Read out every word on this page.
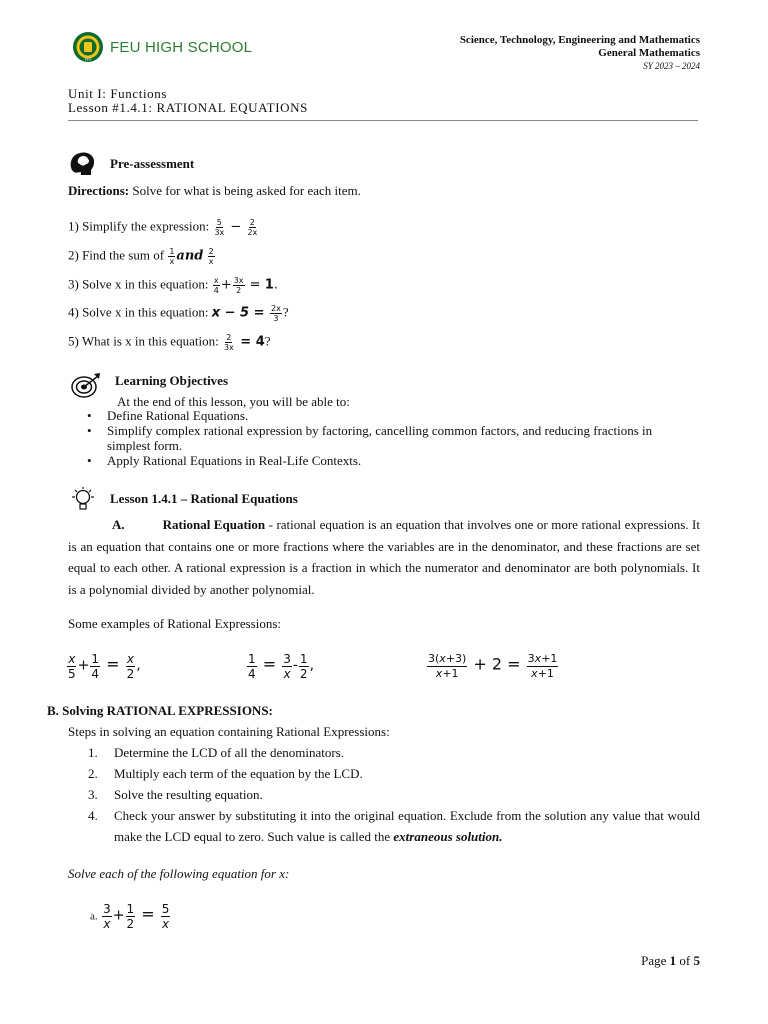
FEU
FEU HIGH SCHOOL	Science, Technology, Engineering and Mathematics
General Mathematics
SY 2023 – 2024
Unit I: Functions
Lesson #1.4.1: RATIONAL EQUATIONS
Pre-assessment
Directions: Solve for what is being asked for each item.
1) Simplify the expression: $\frac{5}{3x} - \frac{2}{2x}$
2) Find the sum of $\frac{1}{x}$ and $\frac{2}{x}$
3) Solve x in this equation: $\frac{x}{4} + \frac{3x}{2} = 1$.
4) Solve x in this equation: $x - 5 = \frac{2x}{3}$ ?
5) What is x in this equation: $\frac{2}{3x} = 4$?
Learning Objectives
At the end of this lesson, you will be able to:
• Define Rational Equations.
• Simplify complex rational expression by factoring, cancelling common factors, and reducing fractions in simplest form.
• Apply Rational Equations in Real-Life Contexts.
Lesson 1.4.1 – Rational Equations
A.	Rational Equation - rational equation is an equation that involves one or more rational expressions. It is an equation that contains one or more fractions where the variables are in the denominator, and these fractions are set equal to each other. A rational expression is a fraction in which the numerator and denominator are both polynomials. It is a polynomial divided by another polynomial.
Some examples of Rational Expressions:
$\frac{x}{5} + \frac{1}{4} = \frac{x}{2}$ ,	$\frac{1}{4} = \frac{3}{x} - \frac{1}{2}$ ,	$\frac{3(x+3)}{x+1} + 2 = \frac{3x+1}{x+1}$
B. Solving RATIONAL EXPRESSIONS:
Steps in solving an equation containing Rational Expressions:
1. Determine the LCD of all the denominators.
2. Multiply each term of the equation by the LCD.
3. Solve the resulting equation.
4. Check your answer by substituting it into the original equation. Exclude from the solution any value that would make the LCD equal to zero. Such value is called the extraneous solution.
Solve each of the following equation for x:
a. $\frac{3}{x} + \frac{1}{2} = \frac{5}{x}$
Page 1 of 5
